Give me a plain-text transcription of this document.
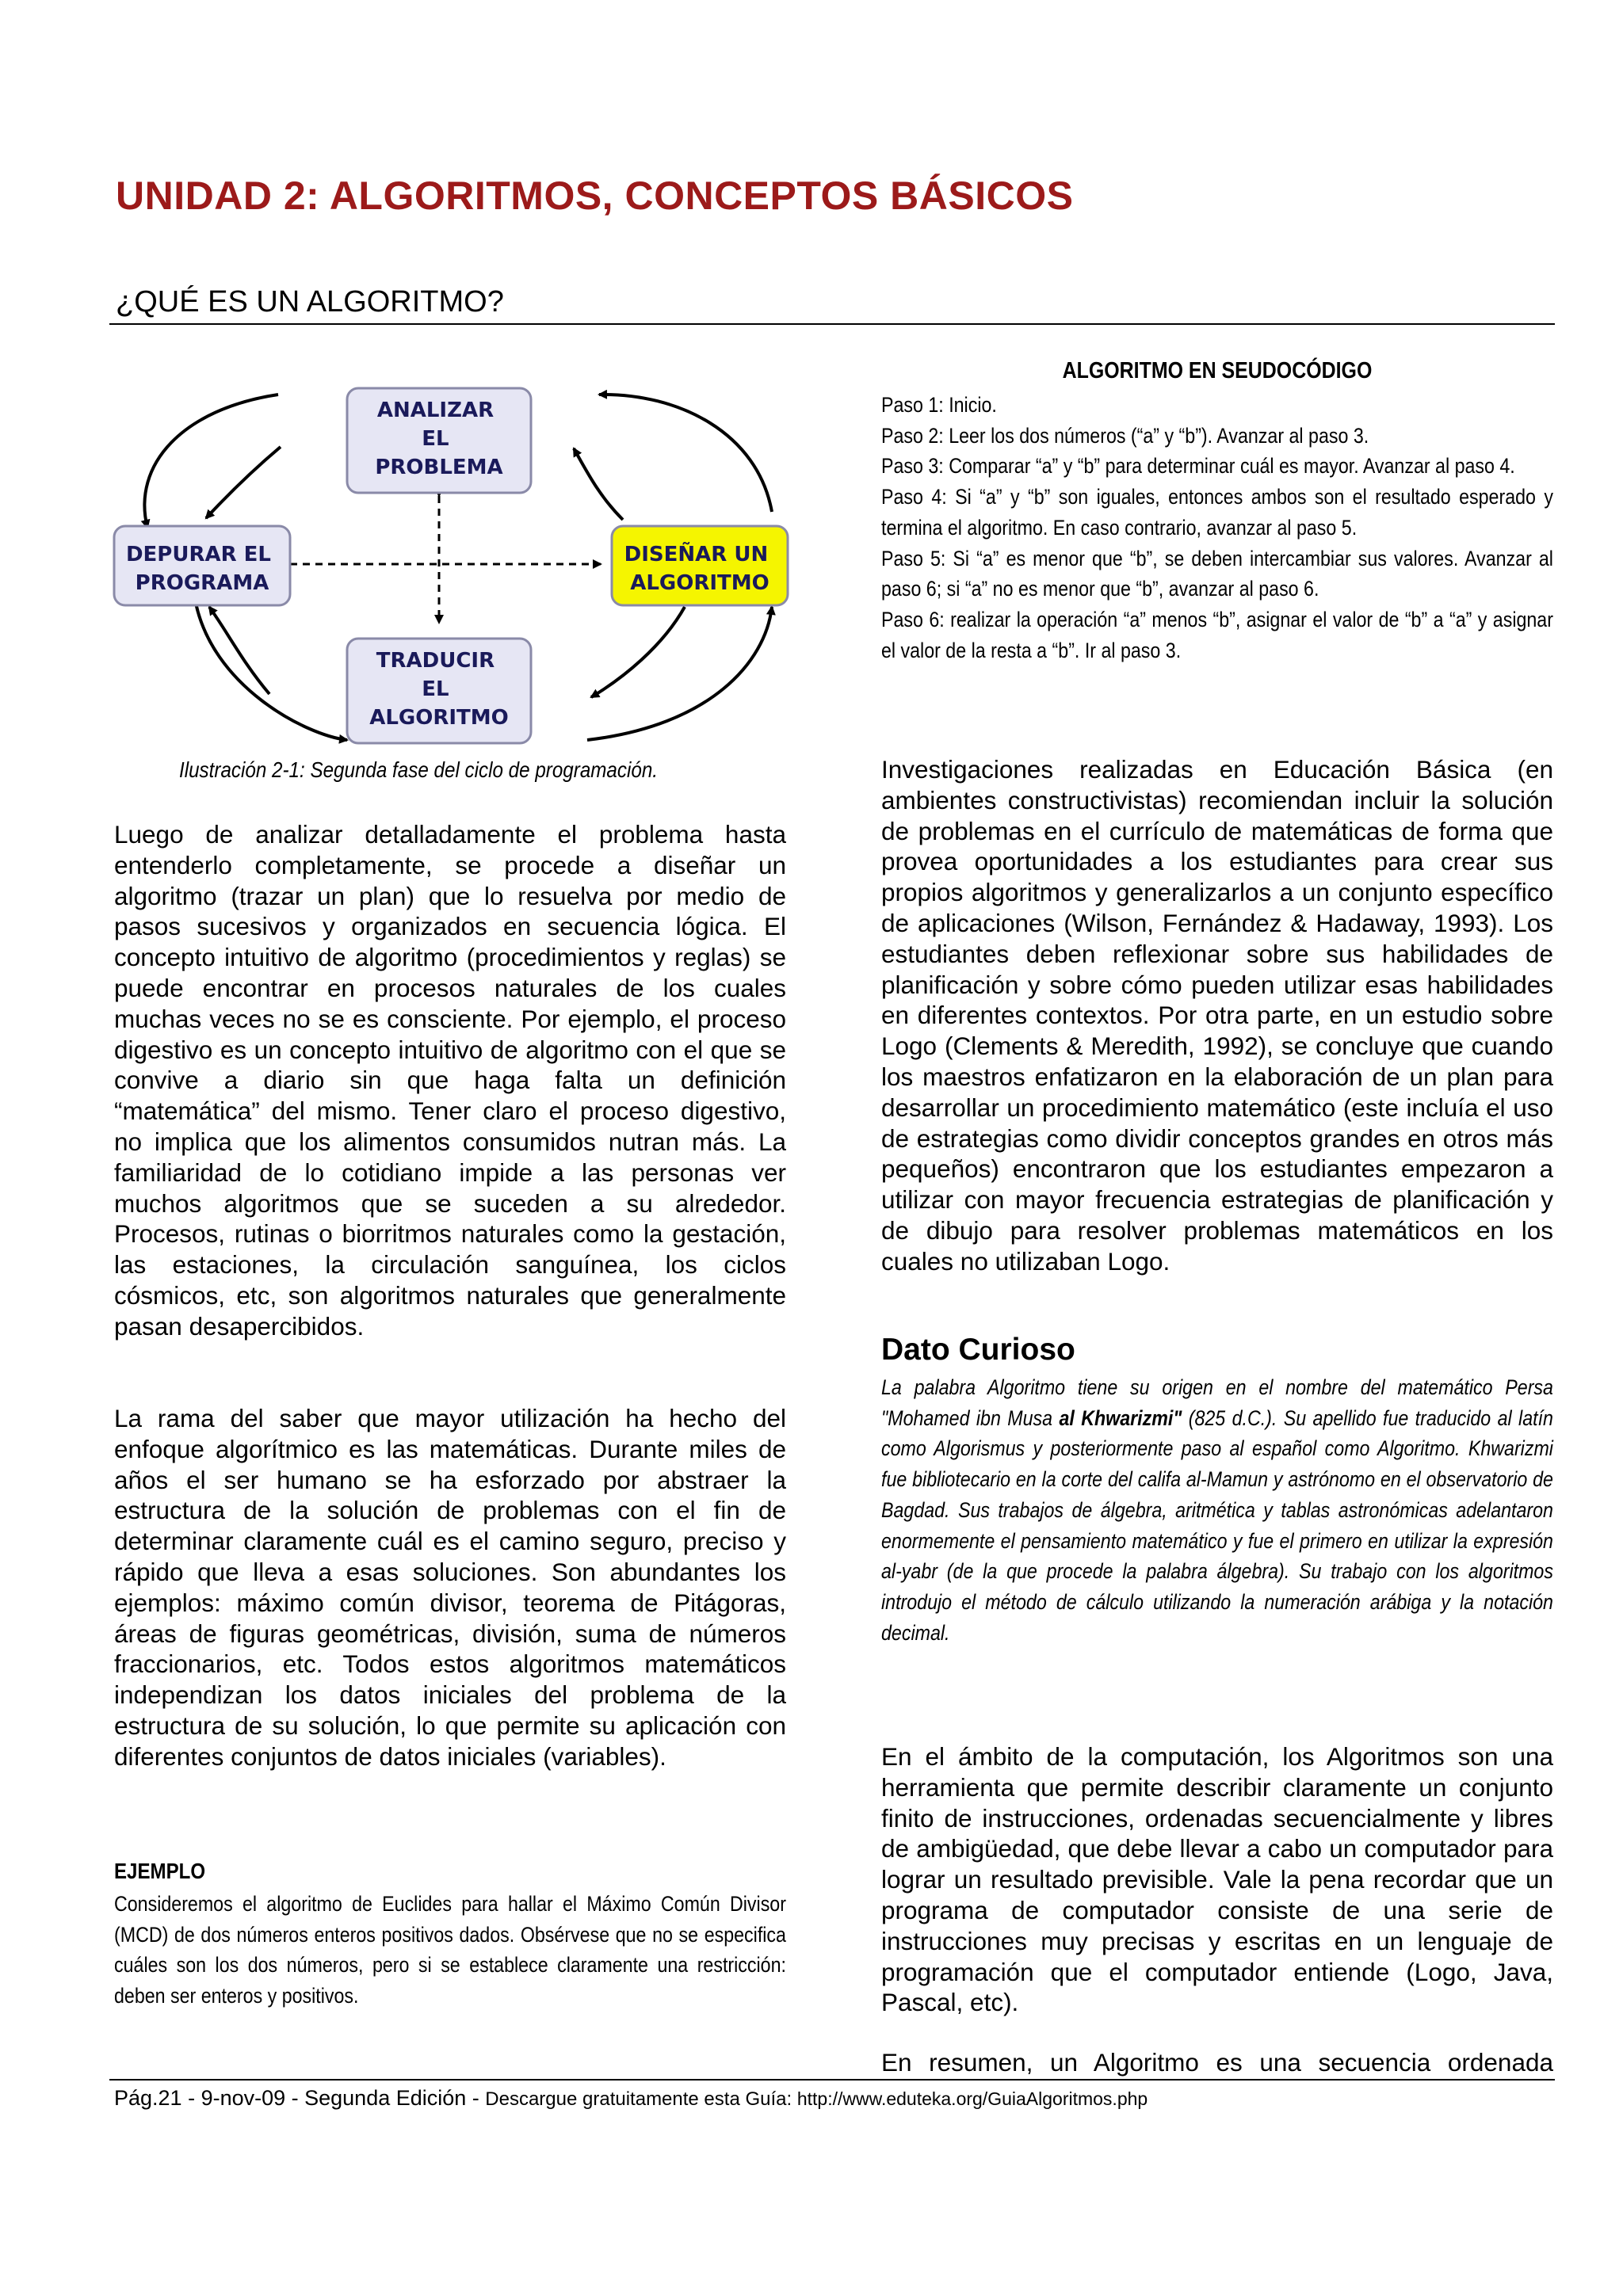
UNIDAD 2: ALGORITMOS, CONCEPTOS BÁSICOS
¿QUÉ ES UN ALGORITMO?
ANALIZAR EL PROBLEMA
DEPURAR EL PROGRAMA
DISEÑAR UN ALGORITMO
TRADUCIR EL ALGORITMO
Ilustración 2-1: Segunda fase del ciclo de programación.

Luego de analizar detalladamente el problema hasta entenderlo completamente, se procede a diseñar un algoritmo (trazar un plan) que lo resuelva por medio de pasos sucesivos y organizados en secuencia lógica. El concepto intuitivo de algoritmo (procedimientos y reglas) se puede encontrar en procesos naturales de los cuales muchas veces no se es consciente. Por ejemplo, el proceso digestivo es un concepto intuitivo de algoritmo con el que se convive a diario sin que haga falta un definición “matemática” del mismo. Tener claro el proceso digestivo, no implica que los alimentos consumidos nutran más. La familiaridad de lo cotidiano impide a las personas ver muchos algoritmos que se suceden a su alrededor. Procesos, rutinas o biorritmos naturales como la gestación, las estaciones, la circulación sanguínea, los ciclos cósmicos, etc, son algoritmos naturales que generalmente pasan desapercibidos.

La rama del saber que mayor utilización ha hecho del enfoque algorítmico es las matemáticas. Durante miles de años el ser humano se ha esforzado por abstraer la estructura de la solución de problemas con el fin de determinar claramente cuál es el camino seguro, preciso y rápido que lleva a esas soluciones. Son abundantes los ejemplos: máximo común divisor, teorema de Pitágoras, áreas de figuras geométricas, división, suma de números fraccionarios, etc. Todos estos algoritmos matemáticos independizan los datos iniciales del problema de la estructura de su solución, lo que permite su aplicación con diferentes conjuntos de datos iniciales (variables).

EJEMPLO

Consideremos el algoritmo de Euclides para hallar el Máximo Común Divisor (MCD) de dos números enteros positivos dados. Obsérvese que no se especifica cuáles son los dos números, pero si se establece claramente una restricción: deben ser enteros y positivos.

ALGORITMO EN SEUDOCÓDIGO

Paso 1: Inicio.

Paso 2: Leer los dos números (“a” y “b”). Avanzar al paso 3.

Paso 3: Comparar “a” y “b” para determinar cuál es mayor. Avanzar al paso 4.

Paso 4: Si “a” y “b” son iguales, entonces ambos son el resultado esperado y termina el algoritmo. En caso contrario, avanzar al paso 5.

Paso 5: Si “a” es menor que “b”, se deben intercambiar sus valores. Avanzar al paso 6; si “a” no es menor que “b”, avanzar al paso 6.

Paso 6: realizar la operación “a” menos “b”, asignar el valor de “b” a “a” y asignar el valor de la resta a “b”. Ir al paso 3.

Investigaciones realizadas en Educación Básica (en ambientes constructivistas) recomiendan incluir la solución de problemas en el currículo de matemáticas de forma que provea oportunidades a los estudiantes para crear sus propios algoritmos y generalizarlos a un conjunto específico de aplicaciones (Wilson, Fernández & Hadaway, 1993). Los estudiantes deben reflexionar sobre sus habilidades de planificación y sobre cómo pueden utilizar esas habilidades en diferentes contextos. Por otra parte, en un estudio sobre Logo (Clements & Meredith, 1992), se concluye que cuando los maestros enfatizaron en la elaboración de un plan para desarrollar un procedimiento matemático (este incluía el uso de estrategias como dividir conceptos grandes en otros más pequeños) encontraron que los estudiantes empezaron a utilizar con mayor frecuencia estrategias de planificación y de dibujo para resolver problemas matemáticos en los cuales no utilizaban Logo.

Dato Curioso

La palabra Algoritmo tiene su origen en el nombre del matemático Persa "Mohamed ibn Musa al Khwarizmi" (825 d.C.). Su apellido fue traducido al latín como Algorismus y posteriormente paso al español como Algoritmo. Khwarizmi fue bibliotecario en la corte del califa al-Mamun y astrónomo en el observatorio de Bagdad. Sus trabajos de álgebra, aritmética y tablas astronómicas adelantaron enormemente el pensamiento matemático y fue el primero en utilizar la expresión al-yabr (de la que procede la palabra álgebra). Su trabajo con los algoritmos introdujo el método de cálculo utilizando la numeración arábiga y la notación decimal.

En el ámbito de la computación, los Algoritmos son una herramienta que permite describir claramente un conjunto finito de instrucciones, ordenadas secuencialmente y libres de ambigüedad, que debe llevar a cabo un computador para lograr un resultado previsible. Vale la pena recordar que un programa de computador consiste de una serie de instrucciones muy precisas y escritas en un lenguaje de programación que el computador entiende (Logo, Java, Pascal, etc).

En resumen, un Algoritmo es una secuencia ordenada

Pág.21 - 9-nov-09 - Segunda Edición - Descargue gratuitamente esta Guía: http://www.eduteka.org/GuiaAlgoritmos.php
